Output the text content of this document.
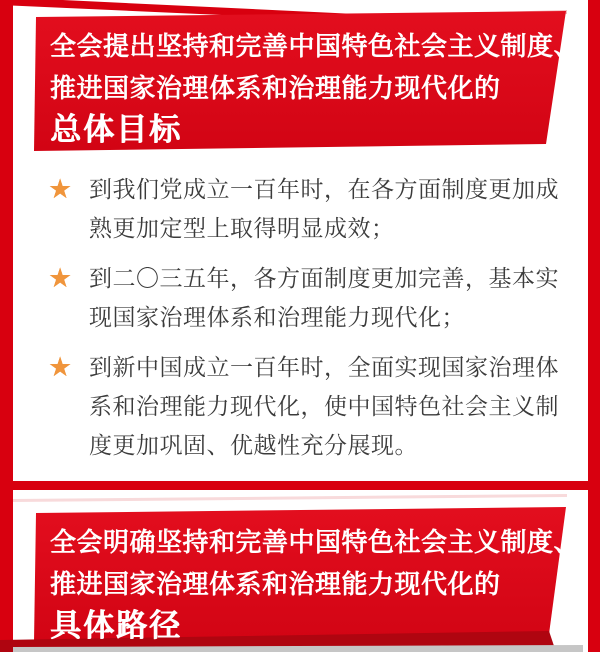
全会提出坚持和完善中国特色社会主义制度、
推进国家治理体系和治理能力现代化的
总体目标
★ 到我们党成立一百年时，在各方面制度更加成熟更加定型上取得明显成效；
★ 到二〇三五年，各方面制度更加完善，基本实现国家治理体系和治理能力现代化；
★ 到新中国成立一百年时，全面实现国家治理体系和治理能力现代化，使中国特色社会主义制度更加巩固、优越性充分展现。
全会明确坚持和完善中国特色社会主义制度、
推进国家治理体系和治理能力现代化的
具体路径
